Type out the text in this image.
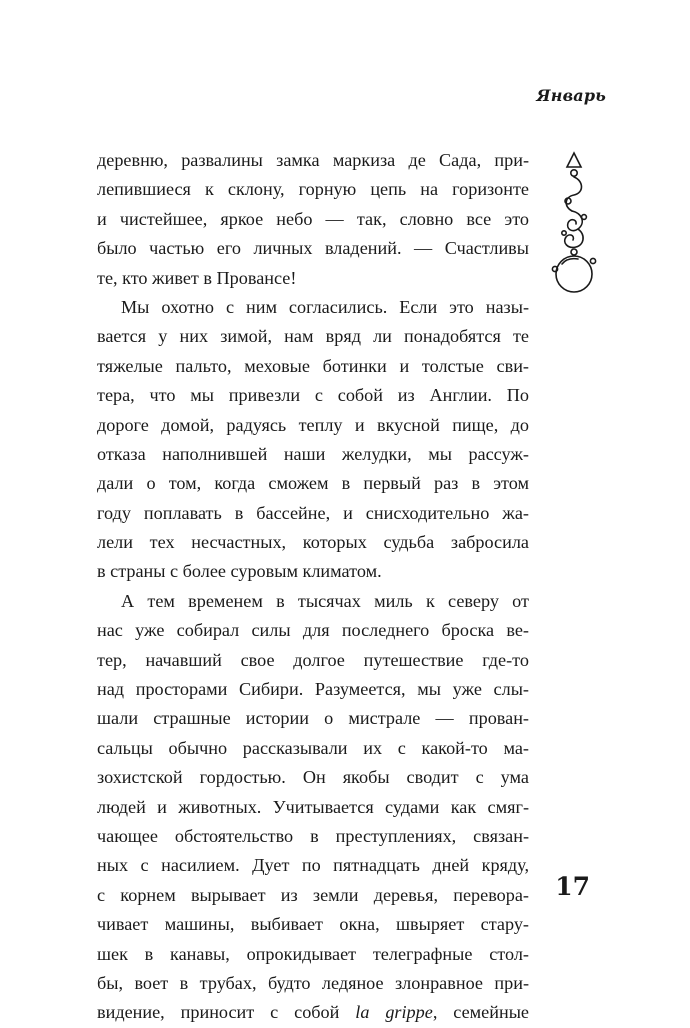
Январь
деревню, развалины замка маркиза де Сада, при-
лепившиеся к склону, горную цепь на горизонте
и чистейшее, яркое небо — так, словно все это
было частью его личных владений. — Счастливы
те, кто живет в Провансе!
Мы охотно с ним согласились. Если это назы-
вается у них зимой, нам вряд ли понадобятся те
тяжелые пальто, меховые ботинки и толстые сви-
тера, что мы привезли с собой из Англии. По
дороге домой, радуясь теплу и вкусной пище, до
отказа наполнившей наши желудки, мы рассуж-
дали о том, когда сможем в первый раз в этом
году поплавать в бассейне, и снисходительно жа-
лели тех несчастных, которых судьба забросила
в страны с более суровым климатом.
А тем временем в тысячах миль к северу от
нас уже собирал силы для последнего броска ве-
тер, начавший свое долгое путешествие где-то
над просторами Сибири. Разумеется, мы уже слы-
шали страшные истории о мистрале — прован-
сальцы обычно рассказывали их с какой-то ма-
зохистской гордостью. Он якобы сводит с ума
людей и животных. Учитывается судами как смяг-
чающее обстоятельство в преступлениях, связан-
ных с насилием. Дует по пятнадцать дней кряду,
с корнем вырывает из земли деревья, перевора-
чивает машины, выбивает окна, швыряет стару-
шек в канавы, опрокидывает телеграфные стол-
бы, воет в трубах, будто ледяное злонравное при-
видение, приносит с собой la grippe, семейные
17
